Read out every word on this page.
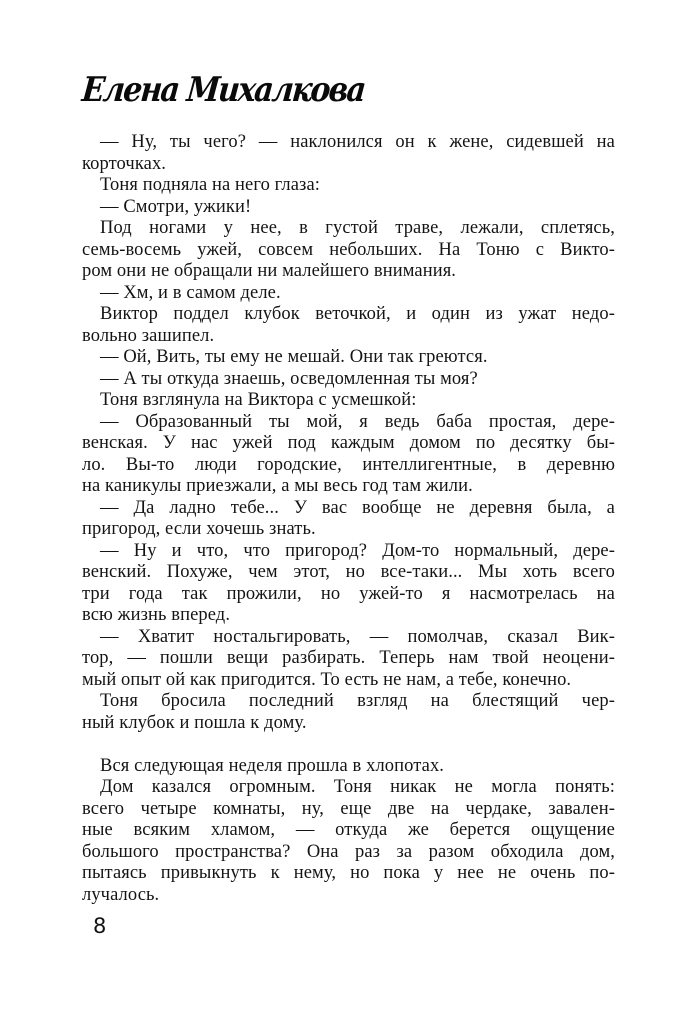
Елена Михалкова
— Ну, ты чего? — наклонился он к жене, сидевшей на
корточках.
Тоня подняла на него глаза:
— Смотри, ужики!
Под ногами у нее, в густой траве, лежали, сплетясь,
семь-восемь ужей, совсем небольших. На Тоню с Викто-
ром они не обращали ни малейшего внимания.
— Хм, и в самом деле.
Виктор поддел клубок веточкой, и один из ужат недо-
вольно зашипел.
— Ой, Вить, ты ему не мешай. Они так греются.
— А ты откуда знаешь, осведомленная ты моя?
Тоня взглянула на Виктора с усмешкой:
— Образованный ты мой, я ведь баба простая, дере-
венская. У нас ужей под каждым домом по десятку бы-
ло. Вы-то люди городские, интеллигентные, в деревню
на каникулы приезжали, а мы весь год там жили.
— Да ладно тебе... У вас вообще не деревня была, а
пригород, если хочешь знать.
— Ну и что, что пригород? Дом-то нормальный, дере-
венский. Похуже, чем этот, но все-таки... Мы хоть всего
три года так прожили, но ужей-то я насмотрелась на
всю жизнь вперед.
— Хватит ностальгировать, — помолчав, сказал Вик-
тор, — пошли вещи разбирать. Теперь нам твой неоцени-
мый опыт ой как пригодится. То есть не нам, а тебе, конечно.
Тоня бросила последний взгляд на блестящий чер-
ный клубок и пошла к дому.
Вся следующая неделя прошла в хлопотах.
Дом казался огромным. Тоня никак не могла понять:
всего четыре комнаты, ну, еще две на чердаке, завален-
ные всяким хламом, — откуда же берется ощущение
большого пространства? Она раз за разом обходила дом,
пытаясь привыкнуть к нему, но пока у нее не очень по-
лучалось.
8
